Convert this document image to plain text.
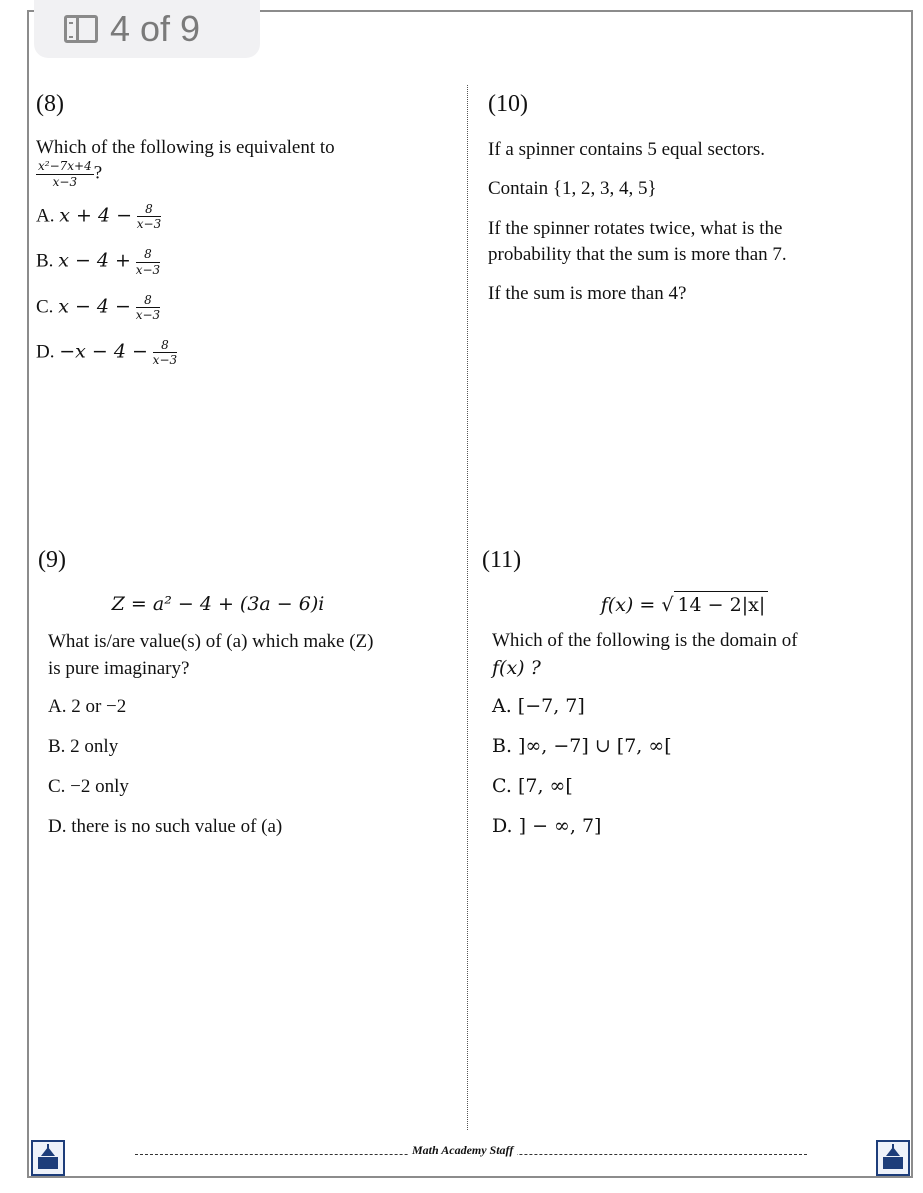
4 of 9
(8)

Which of the following is equivalent to

$\frac{\text{x²−7x+4}}{x-3}$ ?
A. $x + 4 - \frac{8}{x-3}$
B. $x - 4 + \frac{8}{x-3}$
C. $x - 4 - \frac{8}{x-3}$
D. $-x - 4 - \frac{8}{x-3}$
(10)

If a spinner contains 5 equal sectors.

Contain {1, 2, 3, 4, 5}

If the spinner rotates twice, what is the

probability that the sum is more than 7.

If the sum is more than 4?

(9)

Z = a² − 4 + (3a − 6)i

What is/are value(s) of (a) which make (Z)

is pure imaginary?

A. 2 or −2
B. 2 only
C. −2 only
D. there is no such value of (a)
(11)

f(x) = √ 14 − 2|x|

Which of the following is the domain of

f(x) ?

A. [−7, 7]
B. ]∞, −7] ∪ [7, ∞[
C. [7, ∞[
D. ] − ∞, 7]
Math Academy Staff
